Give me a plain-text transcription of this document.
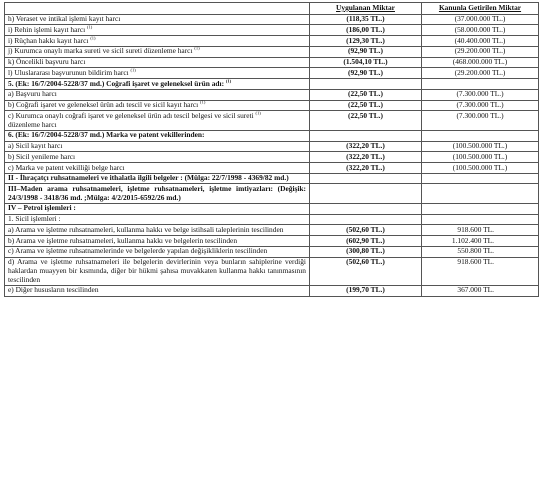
	Uygulanan Miktar	Kanunla Getirilen Miktar
h) Veraset ve intikal işlemi kayıt harcı	(118,35 TL.)	(37.000.000 TL.)
i) Rehin işlemi kayıt harcı $^{(1)}$	(186,00 TL.)	(58.000.000 TL.)
i) Rüçhan hakkı kayıt harcı $^{(1)}$	(129,30 TL.)	(40.400.000 TL.)
j) Kurumca onaylı marka sureti ve sicil sureti düzenleme harcı $^{(1)}$	(92,90 TL.)	(29.200.000 TL.)
k) Öncelikli başvuru harcı	(1.504,10 TL.)	(468.000.000 TL.)
l) Uluslararası başvurunun bildirim harcı $^{(1)}$	(92,90 TL.)	(29.200.000 TL.)
5. (Ek: 16/7/2004-5228/37 md.) Coğrafi işaret ve geleneksel ürün adı: $^{(1)}$		
a) Başvuru harcı	(22,50 TL.)	(7.300.000 TL.)
b) Coğrafi işaret ve geleneksel ürün adı tescil ve sicil kayıt harcı $^{(1)}$	(22,50 TL.)	(7.300.000 TL.)
c) Kurumca onaylı coğrafi işaret ve geleneksel ürün adı tescil belgesi ve sicil sureti $^{(1)}$
düzenleme harcı	(22,50 TL.)	(7.300.000 TL.)
6. (Ek: 16/7/2004-5228/37 md.) Marka ve patent vekillerinden:		
a) Sicil kayıt harcı	(322,20 TL.)	(100.500.000 TL.)
b) Sicil yenileme harcı	(322,20 TL.)	(100.500.000 TL.)
c) Marka ve patent vekilliği belge harcı	(322,20 TL.)	(100.500.000 TL.)
II - İhraçatçı ruhsatnameleri ve ithalatla ilgili belgeler : (Mülga: 22/7/1998 - 4369/82 md.)		
III–Maden arama ruhsatnameleri, işletme ruhsatnameleri, işletme imtiyazları: (Değişik: 24/3/1998 - 3418/36 md. ;Mülga: 4/2/2015-6592/26 md.)		
IV – Petrol işlemleri :		
1. Sicil işlemleri :		
a) Arama ve işletme ruhsatnameleri, kullanma hakkı ve belge istihsali taleplerinin tescilinden	(502,60 TL.)	918.600 TL.
b) Arama ve işletme ruhsatnameleri, kullanma hakkı ve belgelerin tescilinden	(602,90 TL.)	1.102.400 TL.
c) Arama ve işletme ruhsatnamelerinde ve belgelerde yapılan değişikliklerin tescilinden	(300,80 TL.)	550.800 TL.
d) Arama ve işletme ruhsatnameleri ile belgelerin devirlerinin veya bunların sahiplerine verdiği haklardan muayyen bir kısmında, diğer bir hükmi şahısa muvakkaten kullanma hakkı tanınmasının tescilinden	(502,60 TL.)	918.600 TL.
e) Diğer hususların tescilinden	(199,70 TL.)	367.000 TL.
